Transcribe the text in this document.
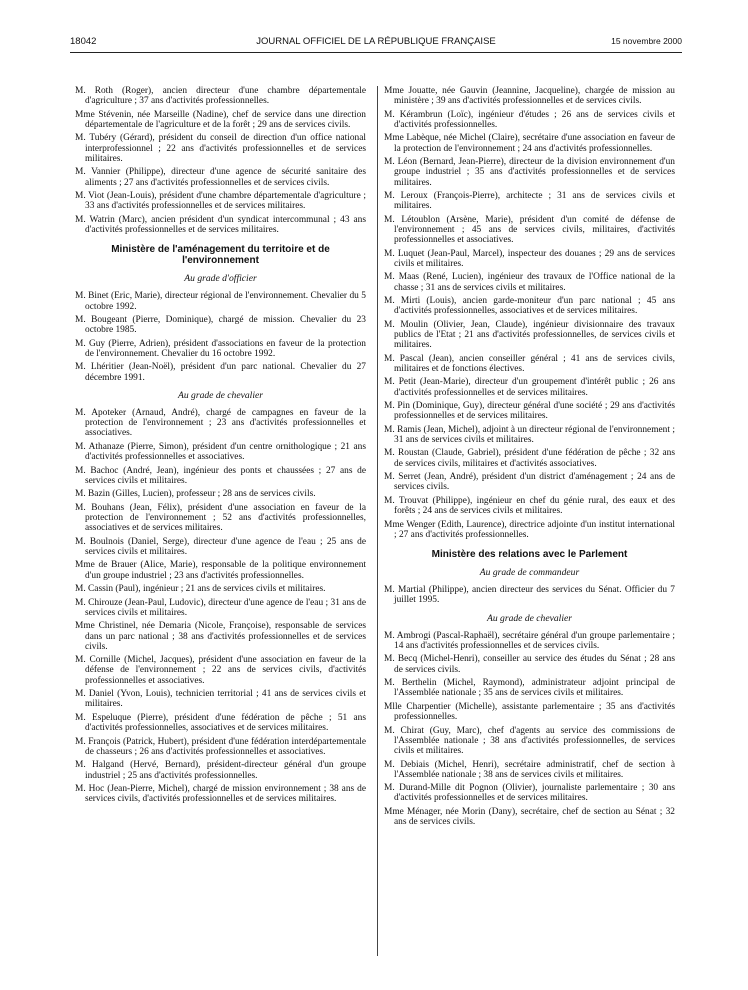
18042	JOURNAL OFFICIEL DE LA RÉPUBLIQUE FRANÇAISE	15 novembre 2000

M. Roth (Roger), ancien directeur d'une chambre départementale d'agriculture ; 37 ans d'activités professionnelles.

Mme Stévenin, née Marseille (Nadine), chef de service dans une direction départementale de l'agriculture et de la forêt ; 29 ans de services civils.

M. Tubéry (Gérard), président du conseil de direction d'un office national interprofessionnel ; 22 ans d'activités professionnelles et de services militaires.

M. Vannier (Philippe), directeur d'une agence de sécurité sanitaire des aliments ; 27 ans d'activités professionnelles et de services civils.

M. Viot (Jean-Louis), président d'une chambre départementale d'agriculture ; 33 ans d'activités professionnelles et de services militaires.

M. Watrin (Marc), ancien président d'un syndicat intercommunal ; 43 ans d'activités professionnelles et de services militaires.

Ministère de l'aménagement du territoire et de l'environnement
Au grade d'officier

M. Binet (Eric, Marie), directeur régional de l'environnement. Chevalier du 5 octobre 1992.

M. Bougeant (Pierre, Dominique), chargé de mission. Chevalier du 23 octobre 1985.

M. Guy (Pierre, Adrien), président d'associations en faveur de la protection de l'environnement. Chevalier du 16 octobre 1992.

M. Lhéritier (Jean-Noël), président d'un parc national. Chevalier du 27 décembre 1991.

Au grade de chevalier

M. Apoteker (Arnaud, André), chargé de campagnes en faveur de la protection de l'environnement ; 23 ans d'activités professionnelles et associatives.

M. Athanaze (Pierre, Simon), président d'un centre ornithologique ; 21 ans d'activités professionnelles et associatives.

M. Bachoc (André, Jean), ingénieur des ponts et chaussées ; 27 ans de services civils et militaires.

M. Bazin (Gilles, Lucien), professeur ; 28 ans de services civils.

M. Bouhans (Jean, Félix), président d'une association en faveur de la protection de l'environnement ; 52 ans d'activités professionnelles, associatives et de services militaires.

M. Boulnois (Daniel, Serge), directeur d'une agence de l'eau ; 25 ans de services civils et militaires.

Mme de Brauer (Alice, Marie), responsable de la politique environnement d'un groupe industriel ; 23 ans d'activités professionnelles.

M. Cassin (Paul), ingénieur ; 21 ans de services civils et militaires.

M. Chirouze (Jean-Paul, Ludovic), directeur d'une agence de l'eau ; 31 ans de services civils et militaires.

Mme Christinel, née Demaria (Nicole, Françoise), responsable de services dans un parc national ; 38 ans d'activités professionnelles et de services civils.

M. Cornille (Michel, Jacques), président d'une association en faveur de la défense de l'environnement ; 22 ans de services civils, d'activités professionnelles et associatives.

M. Daniel (Yvon, Louis), technicien territorial ; 41 ans de services civils et militaires.

M. Espeluque (Pierre), président d'une fédération de pêche ; 51 ans d'activités professionnelles, associatives et de services militaires.

M. François (Patrick, Hubert), président d'une fédération interdépartementale de chasseurs ; 26 ans d'activités professionnelles et associatives.

M. Halgand (Hervé, Bernard), président-directeur général d'un groupe industriel ; 25 ans d'activités professionnelles.

M. Hoc (Jean-Pierre, Michel), chargé de mission environnement ; 38 ans de services civils, d'activités professionnelles et de services militaires.

Mme Jouatte, née Gauvin (Jeannine, Jacqueline), chargée de mission au ministère ; 39 ans d'activités professionnelles et de services civils.

M. Kérambrun (Loïc), ingénieur d'études ; 26 ans de services civils et d'activités professionnelles.

Mme Labèque, née Michel (Claire), secrétaire d'une association en faveur de la protection de l'environnement ; 24 ans d'activités professionnelles.

M. Léon (Bernard, Jean-Pierre), directeur de la division environnement d'un groupe industriel ; 35 ans d'activités professionnelles et de services militaires.

M. Leroux (François-Pierre), architecte ; 31 ans de services civils et militaires.

M. Létoublon (Arsène, Marie), président d'un comité de défense de l'environnement ; 45 ans de services civils, militaires, d'activités professionnelles et associatives.

M. Luquet (Jean-Paul, Marcel), inspecteur des douanes ; 29 ans de services civils et militaires.

M. Maas (René, Lucien), ingénieur des travaux de l'Office national de la chasse ; 31 ans de services civils et militaires.

M. Mirti (Louis), ancien garde-moniteur d'un parc national ; 45 ans d'activités professionnelles, associatives et de services militaires.

M. Moulin (Olivier, Jean, Claude), ingénieur divisionnaire des travaux publics de l'Etat ; 21 ans d'activités professionnelles, de services civils et militaires.

M. Pascal (Jean), ancien conseiller général ; 41 ans de services civils, militaires et de fonctions électives.

M. Petit (Jean-Marie), directeur d'un groupement d'intérêt public ; 26 ans d'activités professionnelles et de services militaires.

M. Pin (Dominique, Guy), directeur général d'une société ; 29 ans d'activités professionnelles et de services militaires.

M. Ramis (Jean, Michel), adjoint à un directeur régional de l'environnement ; 31 ans de services civils et militaires.

M. Roustan (Claude, Gabriel), président d'une fédération de pêche ; 32 ans de services civils, militaires et d'activités associatives.

M. Serret (Jean, André), président d'un district d'aménagement ; 24 ans de services civils.

M. Trouvat (Philippe), ingénieur en chef du génie rural, des eaux et des forêts ; 24 ans de services civils et militaires.

Mme Wenger (Edith, Laurence), directrice adjointe d'un institut international ; 27 ans d'activités professionnelles.

Ministère des relations avec le Parlement
Au grade de commandeur

M. Martial (Philippe), ancien directeur des services du Sénat. Officier du 7 juillet 1995.

Au grade de chevalier

M. Ambrogi (Pascal-Raphaël), secrétaire général d'un groupe parlementaire ; 14 ans d'activités professionnelles et de services civils.

M. Becq (Michel-Henri), conseiller au service des études du Sénat ; 28 ans de services civils.

M. Berthelin (Michel, Raymond), administrateur adjoint principal de l'Assemblée nationale ; 35 ans de services civils et militaires.

Mlle Charpentier (Michelle), assistante parlementaire ; 35 ans d'activités professionnelles.

M. Chirat (Guy, Marc), chef d'agents au service des commissions de l'Assemblée nationale ; 38 ans d'activités professionnelles, de services civils et militaires.

M. Debiais (Michel, Henri), secrétaire administratif, chef de section à l'Assemblée nationale ; 38 ans de services civils et militaires.

M. Durand-Mille dit Pognon (Olivier), journaliste parlementaire ; 30 ans d'activités professionnelles et de services militaires.

Mme Ménager, née Morin (Dany), secrétaire, chef de section au Sénat ; 32 ans de services civils.
